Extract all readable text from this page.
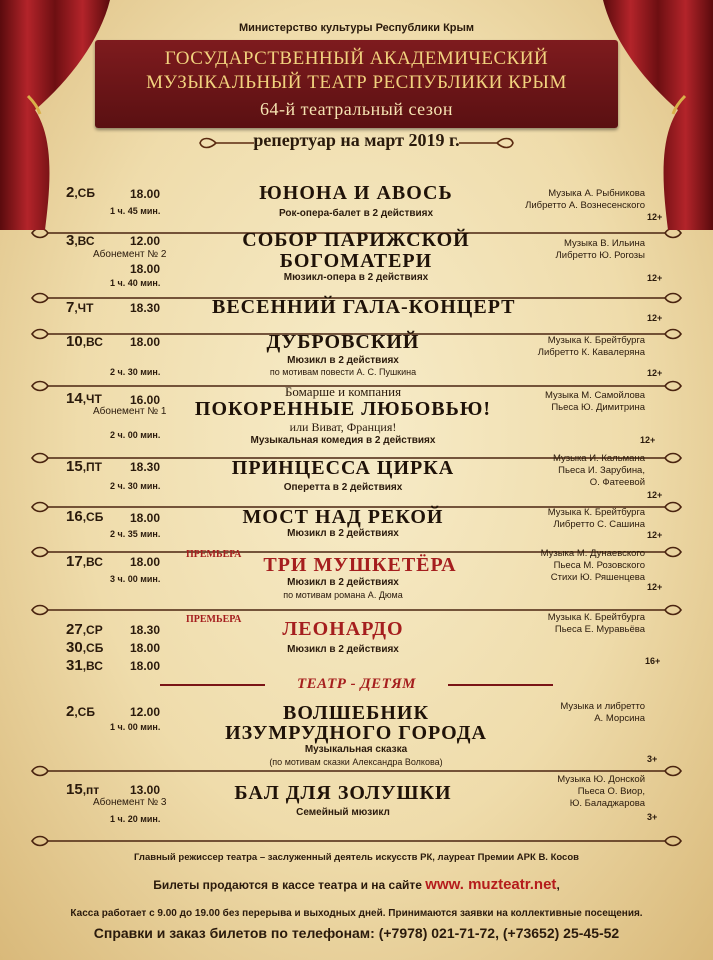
Министерство культуры Республики Крым
ГОСУДАРСТВЕННЫЙ АКАДЕМИЧЕСКИЙ
МУЗЫКАЛЬНЫЙ ТЕАТР РЕСПУБЛИКИ КРЫМ
64-й театральный сезон
репертуар на март 2019 г.
2,СБ	18.00
1 ч. 45 мин.
ЮНОНА И АВОСЬ
Рок-опера-балет в 2 действиях
Музыка А. Рыбникова
Либретто А. Вознесенского
12+
3,ВС	12.00
Абонемент № 2
18.00
1 ч. 40 мин.
СОБОР ПАРИЖСКОЙ
БОГОМАТЕРИ
Мюзикл-опера в 2 действиях
Музыка В. Ильина
Либретто Ю. Рогозы
12+
7,ЧТ	18.30	ВЕСЕННИЙ ГАЛА-КОНЦЕРТ	12+
10,ВС 18.00
2 ч. 30 мин.
ДУБРОВСКИЙ
Мюзикл в 2 действиях
по мотивам повести А. С. Пушкина
Музыка К. Брейтбурга
Либретто К. Кавалеряна
12+
14,ЧТ 16.00
Абонемент № 1
2 ч. 00 мин.
Бомарше и компания
ПОКОРЕННЫЕ ЛЮБОВЬЮ!
или Виват, Франция!
Музыкальная комедия в 2 действиях
Музыка М. Самойлова
Пьеса Ю. Димитрина
12+
15,ПТ 18.30
2 ч. 30 мин.
ПРИНЦЕССА ЦИРКА
Оперетта в 2 действиях
Музыка И. Кальмана
Пьеса И. Зарубина,
О. Фатеевой
12+
16,СБ 18.00
2 ч. 35 мин.
МОСТ НАД РЕКОЙ
Мюзикл в 2 действиях
Музыка К. Брейтбурга
Либретто С. Сашина
12+
17,ВС 18.00
3 ч. 00 мин.
ПРЕМЬЕРА	ТРИ МУШКЕТЁРА
Мюзикл в 2 действиях
по мотивам романа А. Дюма
Музыка М. Дунаевского
Пьеса М. Розовского
Стихи Ю. Ряшенцева
12+
27,СР 18.30
30,СБ 18.00
31,ВС 18.00
ПРЕМЬЕРА	ЛЕОНАРДО
Мюзикл в 2 действиях
Музыка К. Брейтбурга
Пьеса Е. Муравьёва
16+
ТЕАТР - ДЕТЯМ
2,СБ	12.00
1 ч. 00 мин.
ВОЛШЕБНИК
ИЗУМРУДНОГО ГОРОДА
Музыкальная сказка
(по мотивам сказки Александра Волкова)
Музыка и либретто
А. Морсина
3+
15,пт	13.00
Абонемент № 3
1 ч. 20 мин.
БАЛ ДЛЯ ЗОЛУШКИ
Семейный мюзикл
Музыка Ю. Донской
Пьеса О. Виор,
Ю. Баладжарова
3+
Главный режиссер театра – заслуженный деятель искусств РК, лауреат Премии АРК В. Косов
Билеты продаются в кассе театра и на сайте www. muztеatr.net,
Касса работает с 9.00 до 19.00 без перерыва и выходных дней. Принимаются заявки на коллективные посещения.
Справки и заказ билетов по телефонам: (+7978) 021-71-72, (+73652) 25-45-52
